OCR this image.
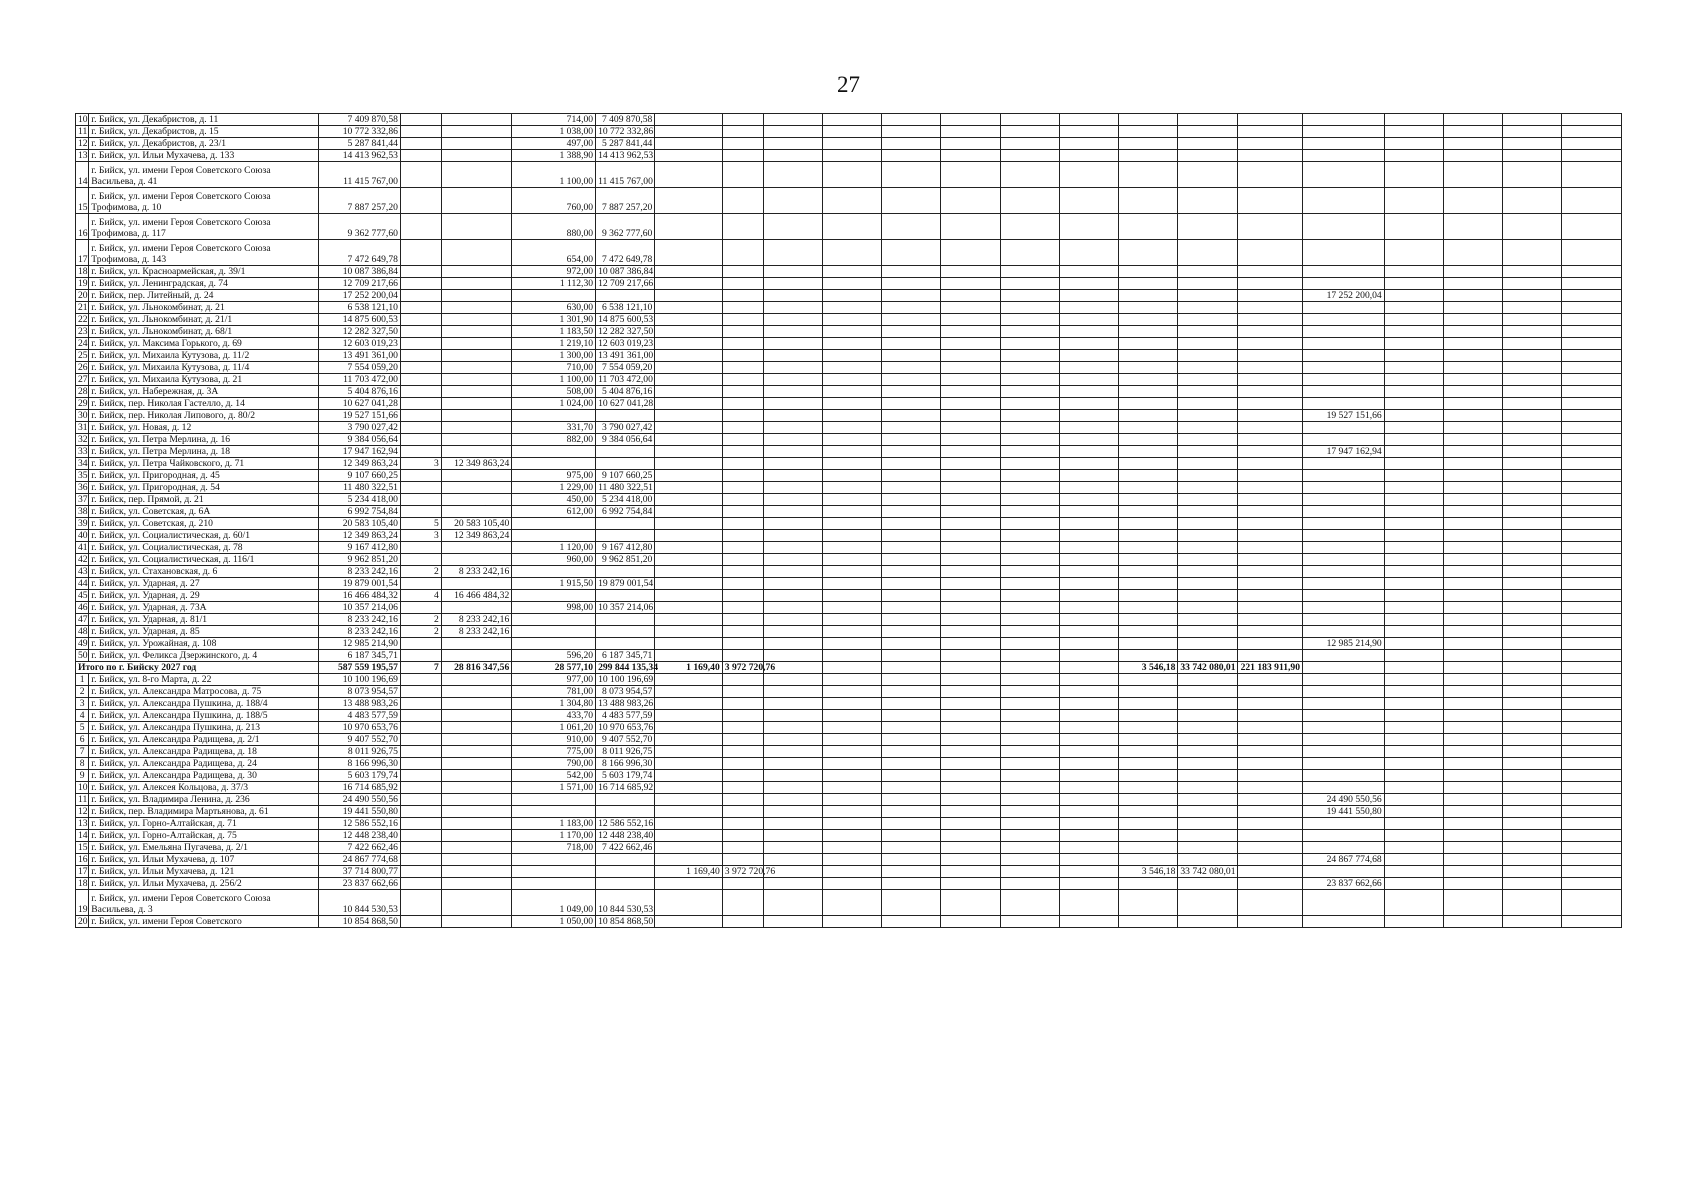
27
10	г. Бийск, ул. Декабристов, д. 11	7 409 870,58			714,00	7 409 870,58																
11	г. Бийск, ул. Декабристов, д. 15	10 772 332,86			1 038,00	10 772 332,86																
12	г. Бийск, ул. Декабристов, д. 23/1	5 287 841,44			497,00	5 287 841,44																
13	г. Бийск, ул. Ильи Мухачева, д. 133	14 413 962,53			1 388,90	14 413 962,53																
14	г. Бийск, ул. имени Героя Советского Союза Васильева, д. 41	11 415 767,00			1 100,00	11 415 767,00																
15	г. Бийск, ул. имени Героя Советского Союза Трофимова, д. 10	7 887 257,20			760,00	7 887 257,20																
16	г. Бийск, ул. имени Героя Советского Союза Трофимова, д. 117	9 362 777,60			880,00	9 362 777,60																
17	г. Бийск, ул. имени Героя Советского Союза Трофимова, д. 143	7 472 649,78			654,00	7 472 649,78																
18	г. Бийск, ул. Красноармейская, д. 39/1	10 087 386,84			972,00	10 087 386,84																
19	г. Бийск, ул. Ленинградская, д. 74	12 709 217,66			1 112,30	12 709 217,66																
20	г. Бийск, пер. Литейный, д. 24	17 252 200,04																17 252 200,04				
21	г. Бийск, ул. Льнокомбинат, д. 21	6 538 121,10			630,00	6 538 121,10																
22	г. Бийск, ул. Льнокомбинат, д. 21/1	14 875 600,53			1 301,90	14 875 600,53																
23	г. Бийск, ул. Льнокомбинат, д. 68/1	12 282 327,50			1 183,50	12 282 327,50																
24	г. Бийск, ул. Максима Горького, д. 69	12 603 019,23			1 219,10	12 603 019,23																
25	г. Бийск, ул. Михаила Кутузова, д. 11/2	13 491 361,00			1 300,00	13 491 361,00																
26	г. Бийск, ул. Михаила Кутузова, д. 11/4	7 554 059,20			710,00	7 554 059,20																
27	г. Бийск, ул. Михаила Кутузова, д. 21	11 703 472,00			1 100,00	11 703 472,00																
28	г. Бийск, ул. Набережная, д. 3А	5 404 876,16			508,00	5 404 876,16																
29	г. Бийск, пер. Николая Гастелло, д. 14	10 627 041,28			1 024,00	10 627 041,28																
30	г. Бийск, пер. Николая Липового, д. 80/2	19 527 151,66																19 527 151,66				
31	г. Бийск, ул. Новая, д. 12	3 790 027,42			331,70	3 790 027,42																
32	г. Бийск, ул. Петра Мерлина, д. 16	9 384 056,64			882,00	9 384 056,64																
33	г. Бийск, ул. Петра Мерлина, д. 18	17 947 162,94																17 947 162,94				
34	г. Бийск, ул. Петра Чайковского, д. 71	12 349 863,24	3	12 349 863,24																		
35	г. Бийск, ул. Пригородная, д. 45	9 107 660,25			975,00	9 107 660,25																
36	г. Бийск, ул. Пригородная, д. 54	11 480 322,51			1 229,00	11 480 322,51																
37	г. Бийск, пер. Прямой, д. 21	5 234 418,00			450,00	5 234 418,00																
38	г. Бийск, ул. Советская, д. 6А	6 992 754,84			612,00	6 992 754,84																
39	г. Бийск, ул. Советская, д. 210	20 583 105,40	5	20 583 105,40																		
40	г. Бийск, ул. Социалистическая, д. 60/1	12 349 863,24	3	12 349 863,24																		
41	г. Бийск, ул. Социалистическая, д. 78	9 167 412,80			1 120,00	9 167 412,80																
42	г. Бийск, ул. Социалистическая, д. 116/1	9 962 851,20			960,00	9 962 851,20																
43	г. Бийск, ул. Стахановская, д. 6	8 233 242,16	2	8 233 242,16																		
44	г. Бийск, ул. Ударная, д. 27	19 879 001,54			1 915,50	19 879 001,54																
45	г. Бийск, ул. Ударная, д. 29	16 466 484,32	4	16 466 484,32																		
46	г. Бийск, ул. Ударная, д. 73А	10 357 214,06			998,00	10 357 214,06																
47	г. Бийск, ул. Ударная, д. 81/1	8 233 242,16	2	8 233 242,16																		
48	г. Бийск, ул. Ударная, д. 85	8 233 242,16	2	8 233 242,16																		
49	г. Бийск, ул. Урожайная, д. 108	12 985 214,90																12 985 214,90				
50	г. Бийск, ул. Феликса Дзержинского, д. 4	6 187 345,71			596,20	6 187 345,71																
Итого по г. Бийску 2027 год		587 559 195,57	7	28 816 347,56	28 577,10	299 844 135,34	1 169,40	3 972 720,76							3 546,18	33 742 080,01	221 183 911,90					
1	г. Бийск, ул. 8-го Марта, д. 22	10 100 196,69			977,00	10 100 196,69																
2	г. Бийск, ул. Александра Матросова, д. 75	8 073 954,57			781,00	8 073 954,57																
3	г. Бийск, ул. Александра Пушкина, д. 188/4	13 488 983,26			1 304,80	13 488 983,26																
4	г. Бийск, ул. Александра Пушкина, д. 188/5	4 483 577,59			433,70	4 483 577,59																
5	г. Бийск, ул. Александра Пушкина, д. 213	10 970 653,76			1 061,20	10 970 653,76																
6	г. Бийск, ул. Александра Радищева, д. 2/1	9 407 552,70			910,00	9 407 552,70																
7	г. Бийск, ул. Александра Радищева, д. 18	8 011 926,75			775,00	8 011 926,75																
8	г. Бийск, ул. Александра Радищева, д. 24	8 166 996,30			790,00	8 166 996,30																
9	г. Бийск, ул. Александра Радищева, д. 30	5 603 179,74			542,00	5 603 179,74																
10	г. Бийск, ул. Алексея Кольцова, д. 37/3	16 714 685,92			1 571,00	16 714 685,92																
11	г. Бийск, ул. Владимира Ленина, д. 236	24 490 550,56																24 490 550,56				
12	г. Бийск, пер. Владимира Мартьянова, д. 61	19 441 550,80																19 441 550,80				
13	г. Бийск, ул. Горно-Алтайская, д. 71	12 586 552,16			1 183,00	12 586 552,16																
14	г. Бийск, ул. Горно-Алтайская, д. 75	12 448 238,40			1 170,00	12 448 238,40																
15	г. Бийск, ул. Емельяна Пугачева, д. 2/1	7 422 662,46			718,00	7 422 662,46																
16	г. Бийск, ул. Ильи Мухачева, д. 107	24 867 774,68																24 867 774,68				
17	г. Бийск, ул. Ильи Мухачева, д. 121	37 714 800,77					1 169,40	3 972 720,76							3 546,18	33 742 080,01						
18	г. Бийск, ул. Ильи Мухачева, д. 256/2	23 837 662,66																23 837 662,66				
19	г. Бийск, ул. имени Героя Советского Союза Васильева, д. 3	10 844 530,53			1 049,00	10 844 530,53																
20	г. Бийск, ул. имени Героя Советского	10 854 868,50			1 050,00	10 854 868,50																
